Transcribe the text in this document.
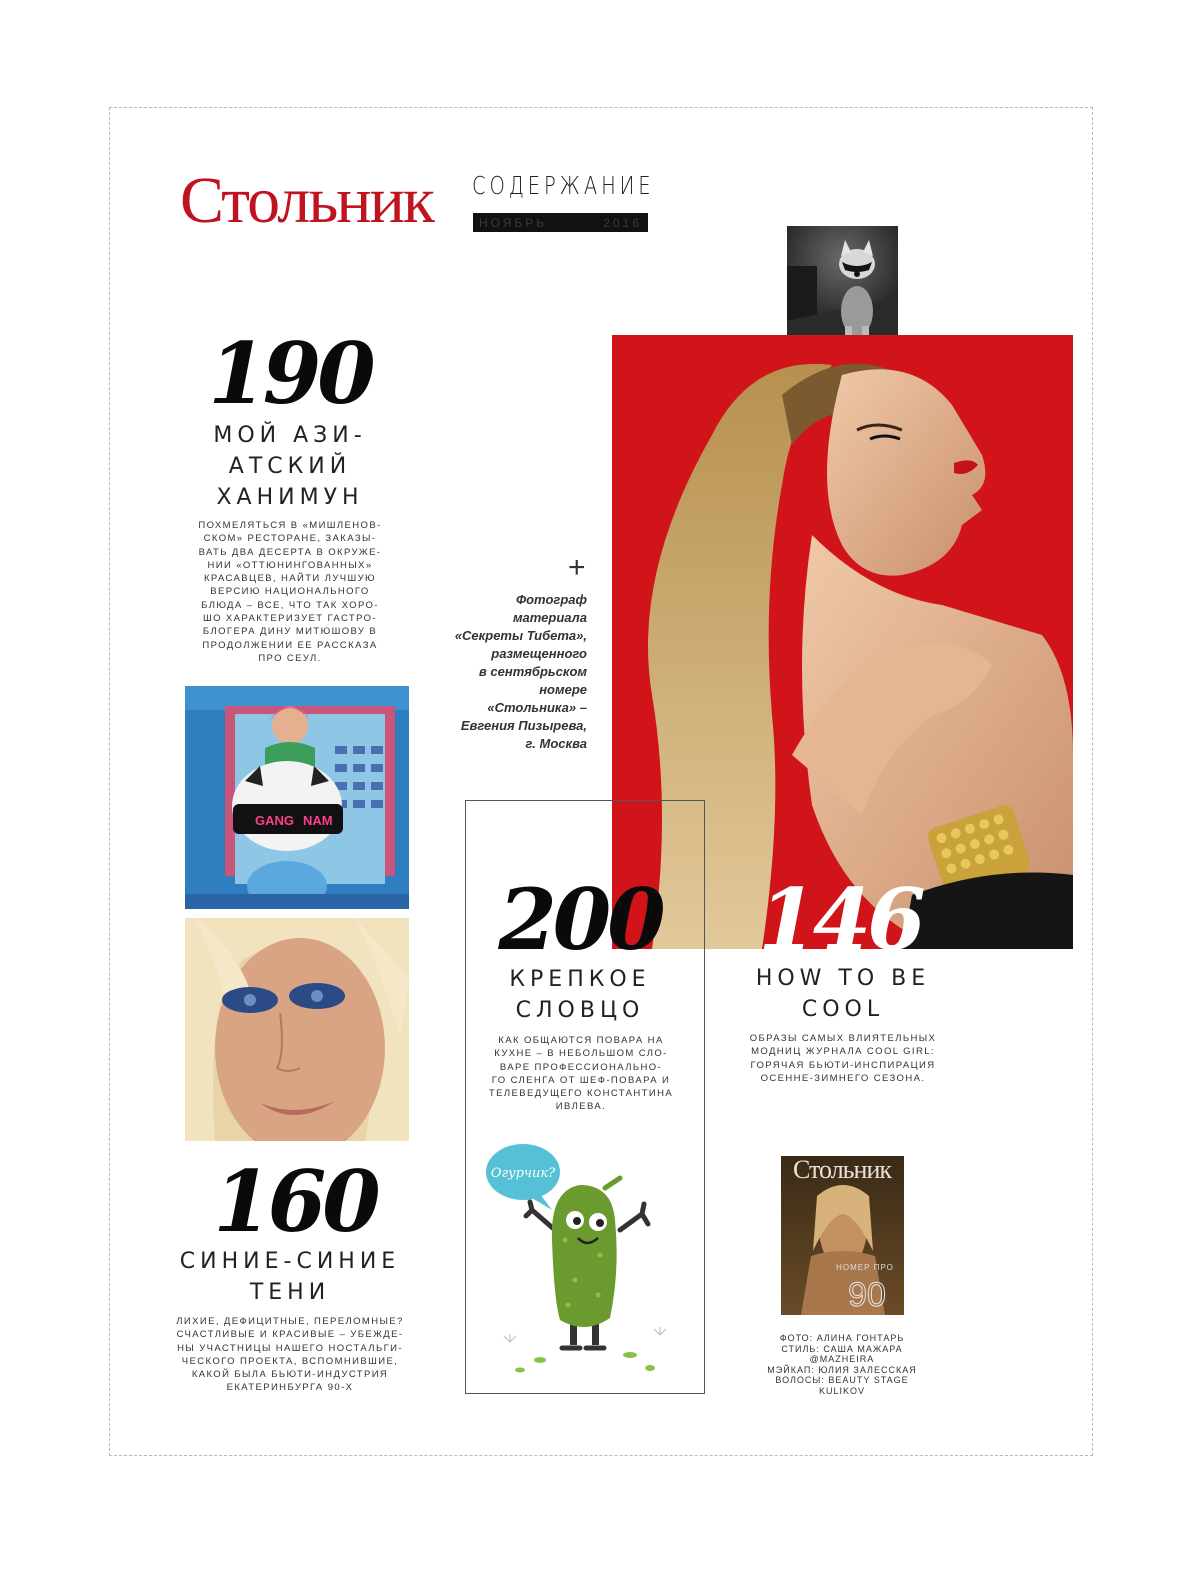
Стольник СОДЕРЖАНИЕ
НОЯБРЬ	2016
190
МОЙ АЗИ-
АТСКИЙ
ХАНИМУН
ПОХМЕЛЯТЬСЯ В «МИШЛЕНОВ-
СКОМ» РЕСТОРАНЕ, ЗАКАЗЫ-
ВАТЬ ДВА ДЕСЕРТА В ОКРУЖЕ-
НИИ «ОТТЮНИНГОВАННЫХ»
КРАСАВЦЕВ, НАЙТИ ЛУЧШУЮ
ВЕРСИЮ НАЦИОНАЛЬНОГО
БЛЮДА – ВСЕ, ЧТО ТАК ХОРО-
ШО ХАРАКТЕРИЗУЕТ ГАСТРО-
БЛОГЕРА ДИНУ МИТЮШОВУ В
ПРОДОЛЖЕНИИ ЕЕ РАССКАЗА
ПРО СЕУЛ.
GANG NAM
160
СИНИЕ-СИНИЕ
ТЕНИ
ЛИХИЕ, ДЕФИЦИТНЫЕ, ПЕРЕЛОМНЫЕ?
СЧАСТЛИВЫЕ И КРАСИВЫЕ – УБЕЖДЕ-
НЫ УЧАСТНИЦЫ НАШЕГО НОСТАЛЬГИ-
ЧЕСКОГО ПРОЕКТА, ВСПОМНИВШИЕ,
КАКОЙ БЫЛА БЬЮТИ-ИНДУСТРИЯ
ЕКАТЕРИНБУРГА 90-Х
+
Фотограф
материала
«Секреты Тибета»,
размещенного
в сентябрьском
номере
«Стольника» –
Евгения Пизырева,
г. Москва
200
КРЕПКОЕ
СЛОВЦО
КАК ОБЩАЮТСЯ ПОВАРА НА
КУХНЕ – В НЕБОЛЬШОМ СЛО-
ВАРЕ ПРОФЕССИОНАЛЬНО-
ГО СЛЕНГА ОТ ШЕФ-ПОВАРА И
ТЕЛЕВЕДУЩЕГО КОНСТАНТИНА
ИВЛЕВА.
Огурчик?
146
HOW TO BE
COOL
ОБРАЗЫ САМЫХ ВЛИЯТЕЛЬНЫХ
МОДНИЦ ЖУРНАЛА COOL GIRL:
ГОРЯЧАЯ БЬЮТИ-ИНСПИРАЦИЯ
ОСЕННЕ-ЗИМНЕГО СЕЗОНА.
Стольник
НОМЕР ПРО
90
ФОТО: АЛИНА ГОНТАРЬ
СТИЛЬ: САША МАЖАРА
@MAZHEIRA
МЭЙКАП: ЮЛИЯ ЗАЛЕССКАЯ
ВОЛОСЫ: BEAUTY STAGE
KULIKOV
